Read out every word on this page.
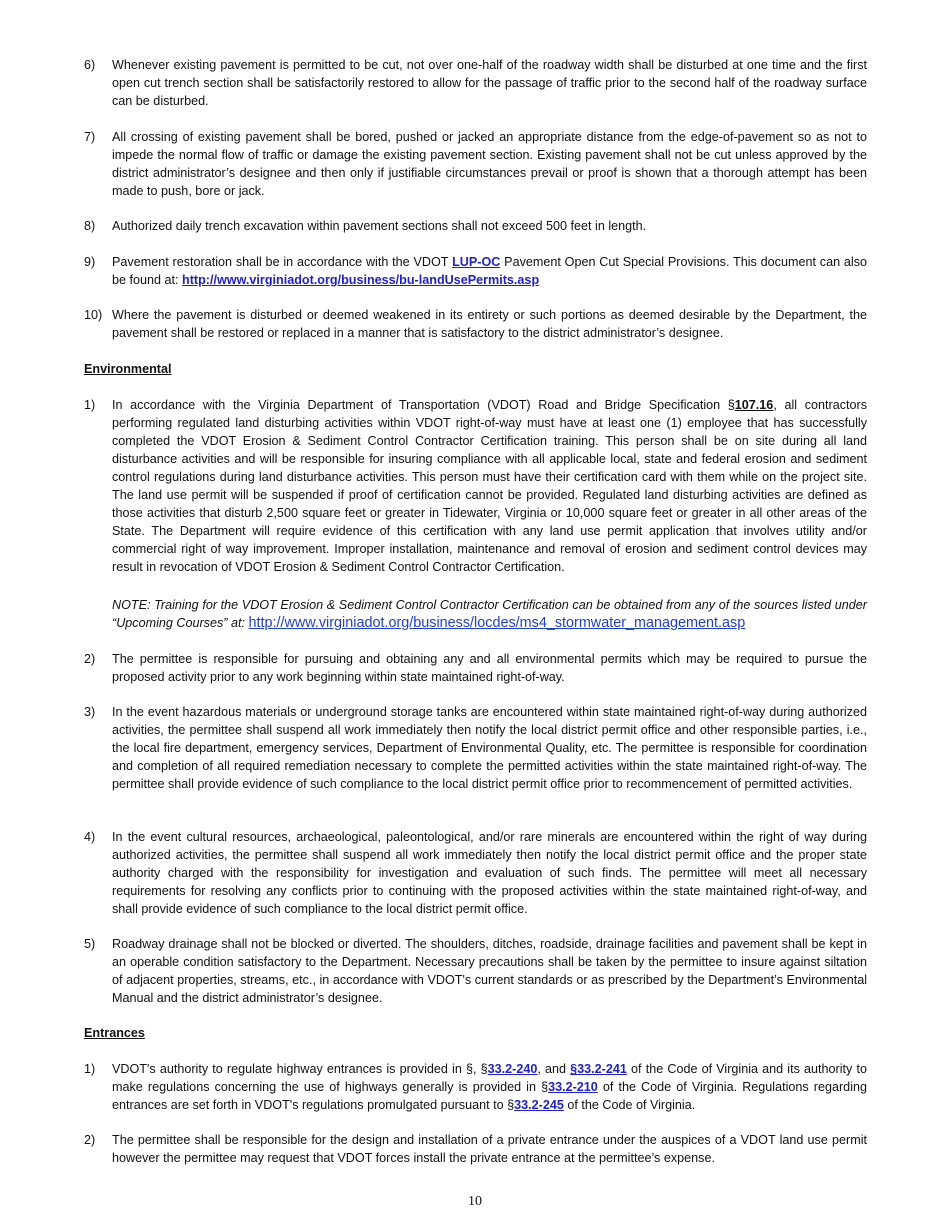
6)	Whenever existing pavement is permitted to be cut, not over one-half of the roadway width shall be disturbed at one time and the first open cut trench section shall be satisfactorily restored to allow for the passage of traffic prior to the second half of the roadway surface can be disturbed.
7)	All crossing of existing pavement shall be bored, pushed or jacked an appropriate distance from the edge-of-pavement so as not to impede the normal flow of traffic or damage the existing pavement section. Existing pavement shall not be cut unless approved by the district administrator’s designee and then only if justifiable circumstances prevail or proof is shown that a thorough attempt has been made to push, bore or jack.
8)	Authorized daily trench excavation within pavement sections shall not exceed 500 feet in length.
9)	Pavement restoration shall be in accordance with the VDOT LUP-OC Pavement Open Cut Special Provisions. This document can also be found at: http://www.virginiadot.org/business/bu-landUsePermits.asp
10) Where the pavement is disturbed or deemed weakened in its entirety or such portions as deemed desirable by the Department, the pavement shall be restored or replaced in a manner that is satisfactory to the district administrator’s designee.
Environmental
1)	In accordance with the Virginia Department of Transportation (VDOT) Road and Bridge Specification §107.16, all contractors performing regulated land disturbing activities within VDOT right-of-way must have at least one (1) employee that has successfully completed the VDOT Erosion & Sediment Control Contractor Certification training. This person shall be on site during all land disturbance activities and will be responsible for insuring compliance with all applicable local, state and federal erosion and sediment control regulations during land disturbance activities. This person must have their certification card with them while on the project site. The land use permit will be suspended if proof of certification cannot be provided. Regulated land disturbing activities are defined as those activities that disturb 2,500 square feet or greater in Tidewater, Virginia or 10,000 square feet or greater in all other areas of the State. The Department will require evidence of this certification with any land use permit application that involves utility and/or commercial right of way improvement. Improper installation, maintenance and removal of erosion and sediment control devices may result in revocation of VDOT Erosion & Sediment Control Contractor Certification.
NOTE: Training for the VDOT Erosion & Sediment Control Contractor Certification can be obtained from any of the sources listed under “Upcoming Courses” at: http://www.virginiadot.org/business/locdes/ms4_stormwater_management.asp
2)	The permittee is responsible for pursuing and obtaining any and all environmental permits which may be required to pursue the proposed activity prior to any work beginning within state maintained right-of-way.
3)	In the event hazardous materials or underground storage tanks are encountered within state maintained right-of-way during authorized activities, the permittee shall suspend all work immediately then notify the local district permit office and other responsible parties, i.e., the local fire department, emergency services, Department of Environmental Quality, etc. The permittee is responsible for coordination and completion of all required remediation necessary to complete the permitted activities within the state maintained right-of-way. The permittee shall provide evidence of such compliance to the local district permit office prior to recommencement of permitted activities.
4)	In the event cultural resources, archaeological, paleontological, and/or rare minerals are encountered within the right of way during authorized activities, the permittee shall suspend all work immediately then notify the local district permit office and the proper state authority charged with the responsibility for investigation and evaluation of such finds. The permittee will meet all necessary requirements for resolving any conflicts prior to continuing with the proposed activities within the state maintained right-of-way, and shall provide evidence of such compliance to the local district permit office.
5)	Roadway drainage shall not be blocked or diverted. The shoulders, ditches, roadside, drainage facilities and pavement shall be kept in an operable condition satisfactory to the Department. Necessary precautions shall be taken by the permittee to insure against siltation of adjacent properties, streams, etc., in accordance with VDOT's current standards or as prescribed by the Department’s Environmental Manual and the district administrator’s designee.
Entrances
1)	VDOT's authority to regulate highway entrances is provided in §, §33.2-240, and §33.2-241 of the Code of Virginia and its authority to make regulations concerning the use of highways generally is provided in §33.2-210 of the Code of Virginia. Regulations regarding entrances are set forth in VDOT's regulations promulgated pursuant to §33.2-245 of the Code of Virginia.
2)	The permittee shall be responsible for the design and installation of a private entrance under the auspices of a VDOT land use permit however the permittee may request that VDOT forces install the private entrance at the permittee’s expense.
10
